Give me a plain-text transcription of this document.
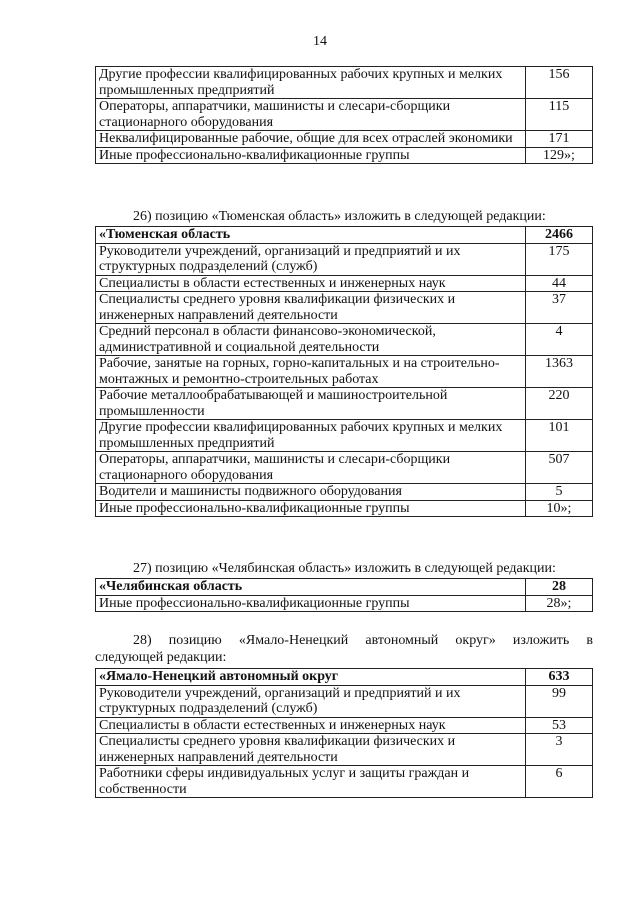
14
Другие профессии квалифицированных рабочих крупных и мелких промышленных предприятий	156
Операторы, аппаратчики, машинисты и слесари-сборщики стационарного оборудования	115
Неквалифицированные рабочие, общие для всех отраслей экономики	171
Иные профессионально-квалификационные группы	129»;
26) позицию «Тюменская область» изложить в следующей редакции:
«Тюменская область	2466
Руководители учреждений, организаций и предприятий и их структурных подразделений (служб)	175
Специалисты в области естественных и инженерных наук	44
Специалисты среднего уровня квалификации физических и инженерных направлений деятельности	37
Средний персонал в области финансово-экономической, административной и социальной деятельности	4
Рабочие, занятые на горных, горно-капитальных и на строительно-монтажных и ремонтно-строительных работах	1363
Рабочие металлообрабатывающей и машиностроительной промышленности	220
Другие профессии квалифицированных рабочих крупных и мелких промышленных предприятий	101
Операторы, аппаратчики, машинисты и слесари-сборщики стационарного оборудования	507
Водители и машинисты подвижного оборудования	5
Иные профессионально-квалификационные группы	10»;
27) позицию «Челябинская область» изложить в следующей редакции:
«Челябинская область	28
Иные профессионально-квалификационные группы	28»;
28) позицию «Ямало-Ненецкий автономный округ» изложить в
следующей редакции:
«Ямало-Ненецкий автономный округ	633
Руководители учреждений, организаций и предприятий и их структурных подразделений (служб)	99
Специалисты в области естественных и инженерных наук	53
Специалисты среднего уровня квалификации физических и инженерных направлений деятельности	3
Работники сферы индивидуальных услуг и защиты граждан и собственности	6
